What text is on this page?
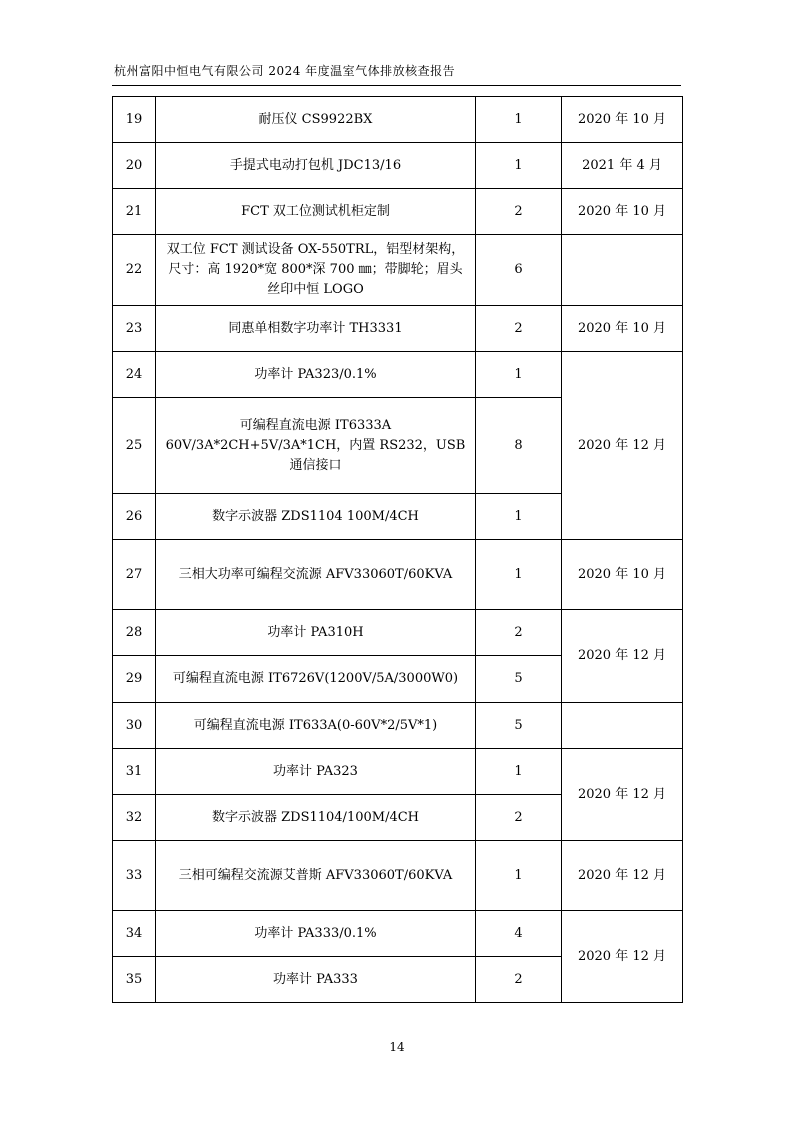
杭州富阳中恒电气有限公司 2024 年度温室气体排放核查报告
19	耐压仪 CS9922BX	1	2020 年 10 月
20	手提式电动打包机 JDC13/16	1	2021 年 4 月
21	FCT 双工位测试机柜定制	2	2020 年 10 月
22	双工位 FCT 测试设备 OX-550TRL，铝型材架构，尺寸：高 1920*宽 800*深 700 ㎜；带脚轮；眉头丝印中恒 LOGO	6	
23	同惠单相数字功率计 TH3331	2	2020 年 10 月
24	功率计 PA323/0.1%	1	2020 年 12 月
25	可编程直流电源 IT6333A 60V/3A*2CH+5V/3A*1CH，内置 RS232，USB 通信接口	8	
26	数字示波器 ZDS1104 100M/4CH	1	
27	三相大功率可编程交流源 AFV33060T/60KVA	1	2020 年 10 月
28	功率计 PA310H	2	2020 年 12 月
29	可编程直流电源 IT6726V(1200V/5A/3000W0)	5	
30	可编程直流电源 IT633A(0-60V*2/5V*1)	5	
31	功率计 PA323	1	2020 年 12 月
32	数字示波器 ZDS1104/100M/4CH	2	
33	三相可编程交流源艾普斯 AFV33060T/60KVA	1	2020 年 12 月
34	功率计 PA333/0.1%	4	2020 年 12 月
35	功率计 PA333	2	
14
